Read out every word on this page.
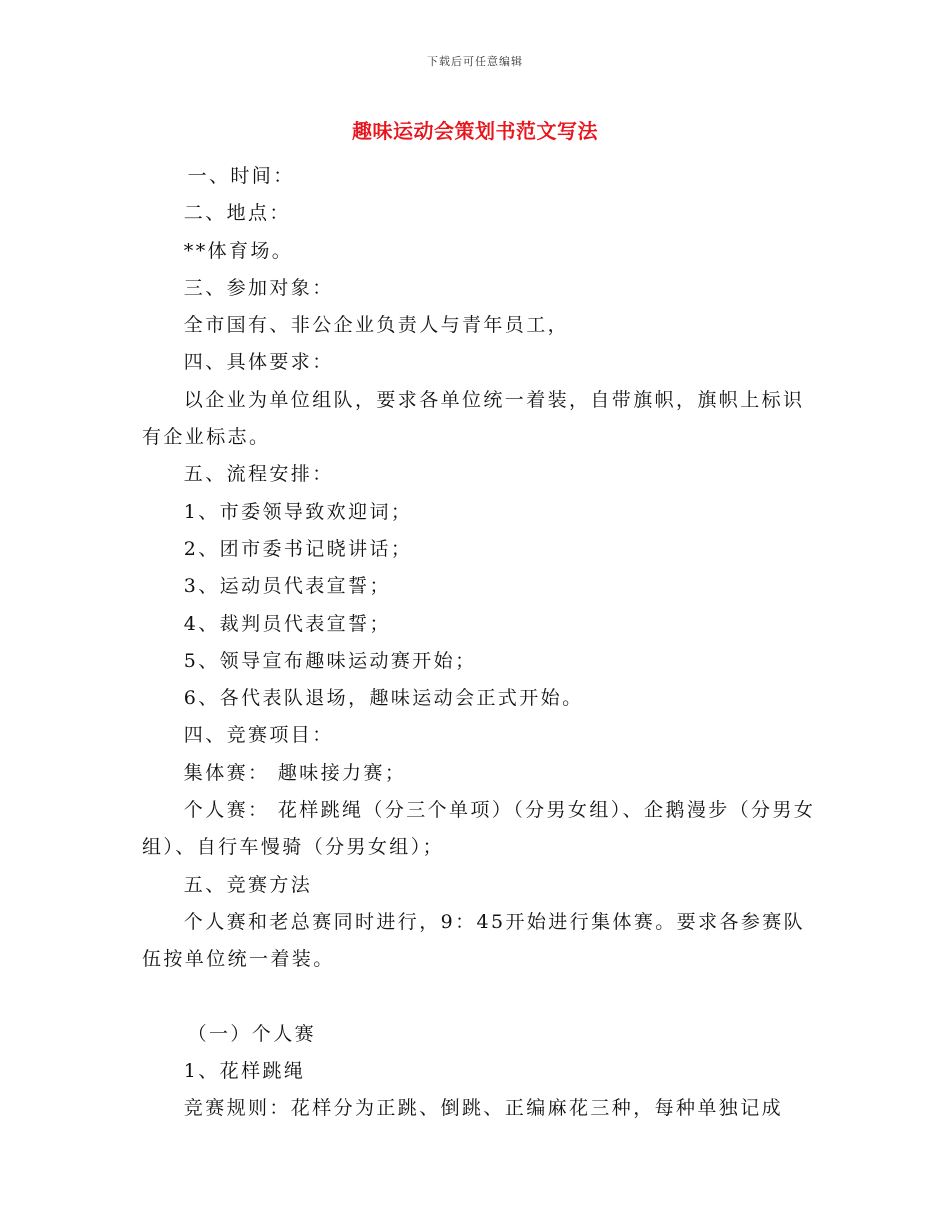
下载后可任意编辑
趣味运动会策划书范文写法

一、时间：

二、地点：

**体育场。

三、参加对象：

全市国有、非公企业负责人与青年员工，

四、具体要求：

以企业为单位组队，要求各单位统一着装，自带旗帜，旗帜上标识有企业标志。

五、流程安排：

1、市委领导致欢迎词；

2、团市委书记晓讲话；

3、运动员代表宣誓；

4、裁判员代表宣誓；

5、领导宣布趣味运动赛开始；

6、各代表队退场，趣味运动会正式开始。

四、竞赛项目：

集体赛： 趣味接力赛；

个人赛： 花样跳绳（分三个单项）（分男女组）、企鹅漫步（分男女组）、自行车慢骑（分男女组）；

五、竞赛方法

个人赛和老总赛同时进行，9：45开始进行集体赛。要求各参赛队伍按单位统一着装。

（一）个人赛

1、花样跳绳

竞赛规则：花样分为正跳、倒跳、正编麻花三种，每种单独记成
